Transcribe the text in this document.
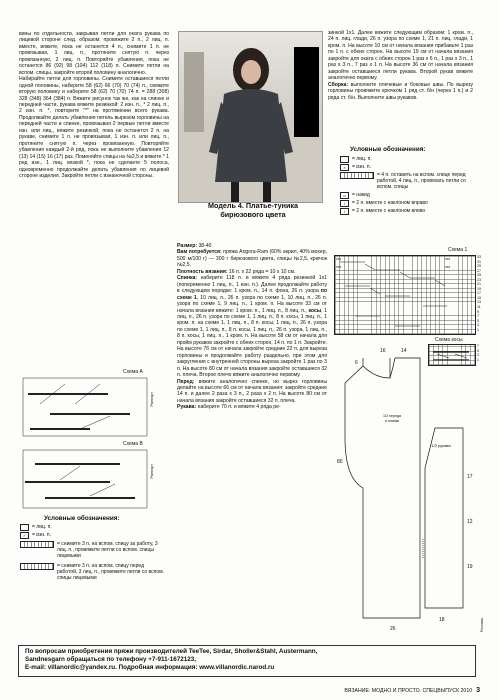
вины по отдельности, закрывая петли для оката рукава по лицевой стороне след. образом: провяжите 2 п., 2 лиц. п. вместе, вяжите, пока не останется 4 п., снимите 1 п. не провязывая, 1 лиц. п., протяните снятую п. через провязанную, 2 лиц. п. Повторяйте убавления, пока не останется 86 (92) 98 (104) 112 (118) п. Снимите петли на вспом. спицы, закройте второй половину аналогично.

Набирайте петли для горловины. Снимите оставшиеся петли одной половины, наберите 58 (62) 66 (70) 70 (74) п., свяжите вторую половину и наберите 58 (62) 70 (70) 74 п. = 288 (308) 328 (348) 364 (384) п. Вяжите рисунок так же, как на спинке и передней части, рукава вяжите резинкой: 2 изн. п., * 2 лиц. п., 2 изн. п. *, повторите "*" на протяжении всего рукава. Продолжайте делать убавления петель вырезом горловины на передней части и спинке, провязывая 2 первые петли вместе изн. или лиц., вяжите резинкой, пока не останется 2 п. на рукаве, снимите 1 п. не провязывая, 1 изн. п. или лиц. п., протяните снятую п. через провязанную. Повторяйте убавления каждый 2-й ряд, пока не выполните убавления 12 (13) 14 (15) 16 (17) раз. Поменяйте спицы на №2,5 и вяжите * 1 ред изн., 1 лиц. вязкой *, пока не сделаете 5 полоса, одновременно продолжайте делать убавления по лицевой стороне изделия. Закройте петли с изнаночной стороны.

Схема А
Раппорт
Схема В
Раппорт
Условные обозначения:
= лиц. п.
✓	= изн. п.
= снимите 3 п. на вспом. спицу за работу, 3 лиц. п., провяжите петли со вспом. спицы лицевыми
= снимите 3 п. на вспом. спицу перед работой, 3 лиц. п., провяжите петли со вспом. спицы лицевыми
Модель 4. Платье-туника
бирюзового цвета

Размер: 38-40

Вам потребуется: пряжа Angora-Ram (60% акрил, 40% мохер, 500 м/100 г) — 300 г бирюзового цвета, спицы №2,5, крючок №2,5.

Плотность вязания: 16 п. х 22 ряда = 10 х 10 см.

Спинка: наберите 118 п. и вяжите 4 ряда резинкой 1х1 (попеременно 1 лиц. п., 1 изн. п.). Далее продолжайте работу в следующем порядке: 1 кром. п., 14 п. фона, 26 п. узора по схеме 1, 10 лиц. п., 26 п. узора по схеме 1, 10 лиц. п., 26 п. узора по схеме 1, 9 лиц. п., 1 кром. п. На высоте 33 см от начала вязания вяжите: 1 кром. п., 1 лиц. п., 8 лиц. п., косы, 1 лиц. п., 26 п. узора по схеме 1, 1 лиц. п., 8 п. косы, 1 лиц. п., 1 кром. п. на схеме 1, 1 лиц. п., 8 п. косы, 1 лиц. п., 26 п. узора по схеме 1, 1 лиц. п., 8 п. косы, 1 лиц. п., 26 п. узора, 1 лиц. п., 8 п. косы, 1 лиц. п., 1 кром. п. На высоте 58 см от начала для пройм рукавов закройте с обеих сторон, 14 п. по 1 п. Закройте. На высоте 76 см от начала закройте средние 22 п. для выреза горловины и продолжайте работу раздельно, при этом для закругления с внутренней стороны выреза закройте 1 раз по 3 п. На высоте 80 см от начала вязания закройте оставшиеся 32 п. плеча. Второе плечо вяжите аналогично первому.

Перед: вяжите аналогично спинке, но вырез горловины делайте на высоте 66 см от начала вязания: закройте средние 14 п. и далее 2 раза х 3 п., 2 раза х 2 п. На высоте 80 см от начала вязания закройте оставшиеся 32 п. плеча.

Рукава: наберите 70 п. и вяжите 4 ряда ре-

зинкой 1х1. Далее вяжите следующим образом: 1 кром. п., 24 п. лиц. глади, 26 п. узора по схеме 1, 21 п. лиц. глади, 1 кром. п. На высоте 10 см от начала вязания прибавьте 1 раз по 1 п. с обеих сторон. На высоте 19 см от начала вязания закройте для оката с обеих сторон 1 раз х 6 п., 1 раз х 3 п., 1 раз х 3 п., 7 раз х 1 п. На высоте 36 см от начала вязания закройте оставшиеся петли рукава. Второй рукав вяжите аналогично первому.

Сборка: выполните плечевые и боковые швы. По вырезу горловины провяжите крючком 1 ряд ст. б/н (через 1 п.) и 2 ряда ст. б/н. Выполните швы рукавов.

Условные обозначения:
= лиц. п.
×	= изн. п.
= 4 п. оставить на вспом. спице перед работой, 4 лиц. п., провязать петли со вспом. спицы
o	= накид
/	= 2 п. вместе с наклоном вправо
\	= 2 п. вместе с наклоном влево
Схема 1
xxx	xxx
xxx	xxx
33
31
29
27
25
23
21
19
17
15
13
11
9
7
5
3
1
Схема косы
7
5
3
1
16	14
6
80
26
17
12
19
18
1/2 переда и спинки
1/2 рукава
Реклама
По вопросам приобретения пряжи производителей TeeTee, Sirdar, Sholler&Stahl, Austermann,
Sandnesgarn обращаться по телефону +7-911-1672123,
E-mail: villanordic@yandex.ru. Подробная информация: www.villanordic.narod.ru
ВЯЗАНИЕ: МОДНО И ПРОСТО. СПЕЦВЫПУСК 2010 3
